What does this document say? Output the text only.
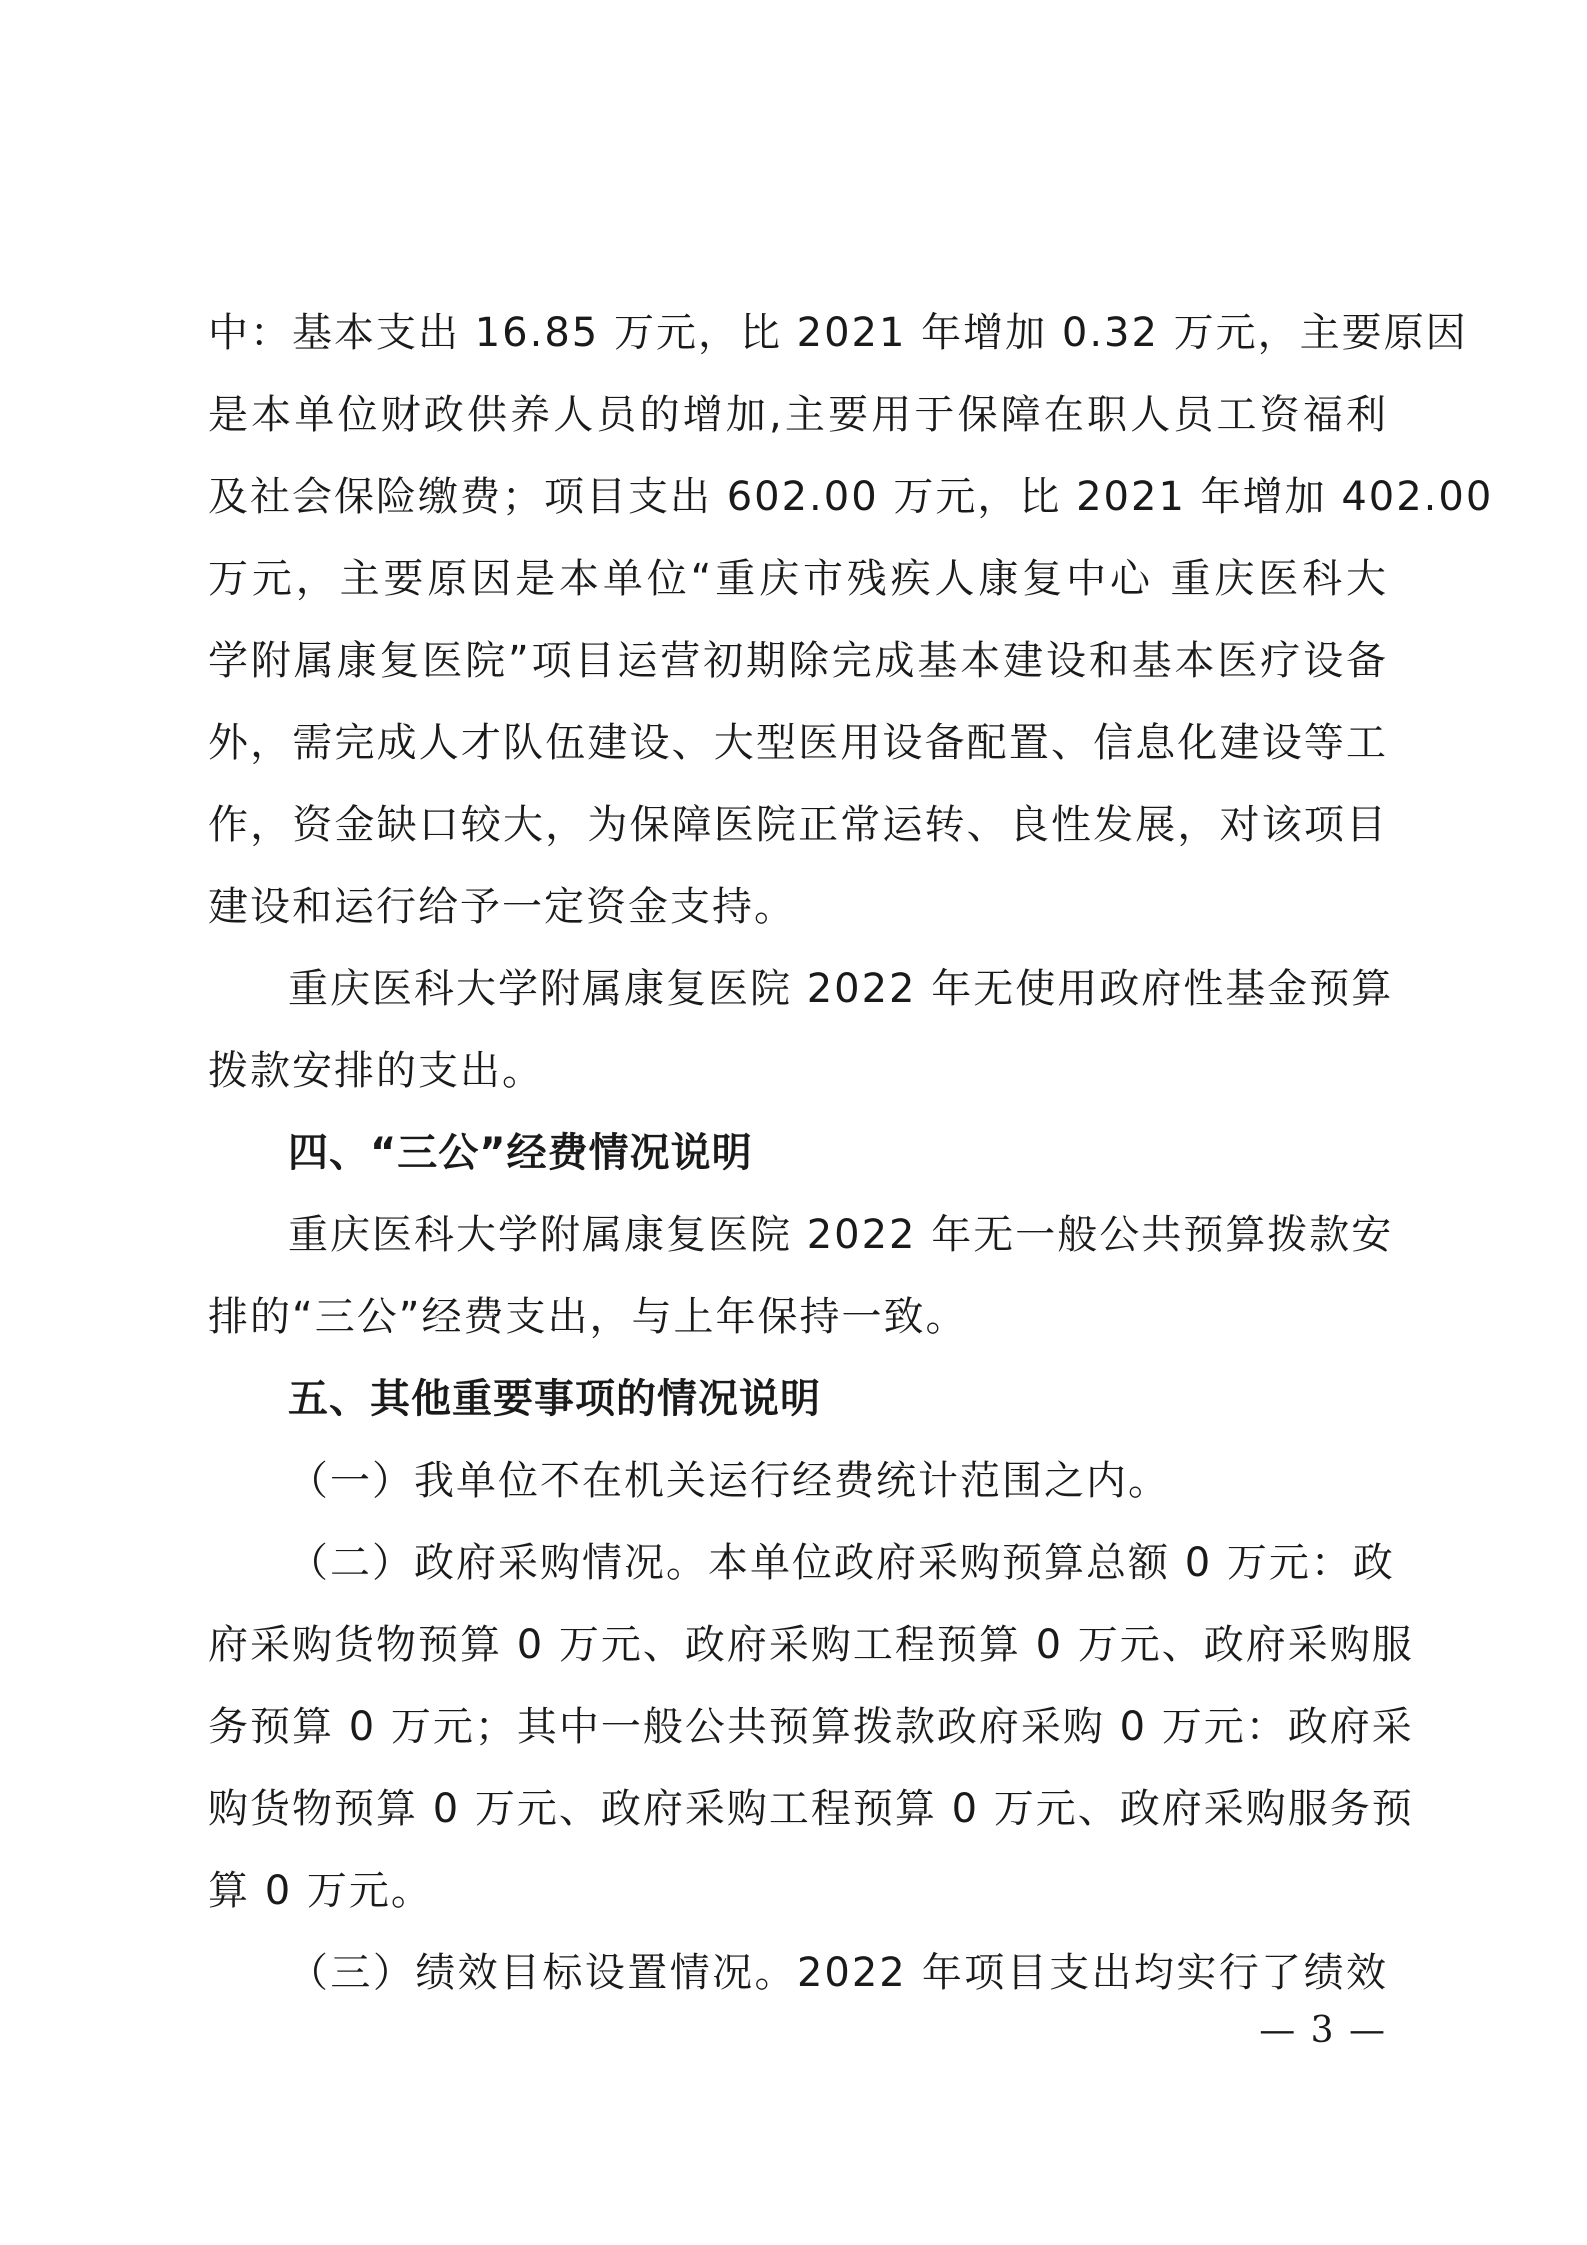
中：基本支出 16.85 万元，比 2021 年增加 0.32 万元，主要原因
是本单位财政供养人员的增加,主要用于保障在职人员工资福利
及社会保险缴费；项目支出 602.00 万元，比 2021 年增加 402.00
万元，主要原因是本单位“重庆市残疾人康复中心 重庆医科大
学附属康复医院”项目运营初期除完成基本建设和基本医疗设备
外，需完成人才队伍建设、大型医用设备配置、信息化建设等工
作，资金缺口较大，为保障医院正常运转、良性发展，对该项目
建设和运行给予一定资金支持。
重庆医科大学附属康复医院 2022 年无使用政府性基金预算
拨款安排的支出。
四、“三公”经费情况说明
重庆医科大学附属康复医院 2022 年无一般公共预算拨款安
排的“三公”经费支出，与上年保持一致。
五、其他重要事项的情况说明
（一）我单位不在机关运行经费统计范围之内。
（二）政府采购情况。本单位政府采购预算总额 0 万元：政
府采购货物预算 0 万元、政府采购工程预算 0 万元、政府采购服
务预算 0 万元；其中一般公共预算拨款政府采购 0 万元：政府采
购货物预算 0 万元、政府采购工程预算 0 万元、政府采购服务预
算 0 万元。
（三）绩效目标设置情况。2022 年项目支出均实行了绩效
— 3 —
